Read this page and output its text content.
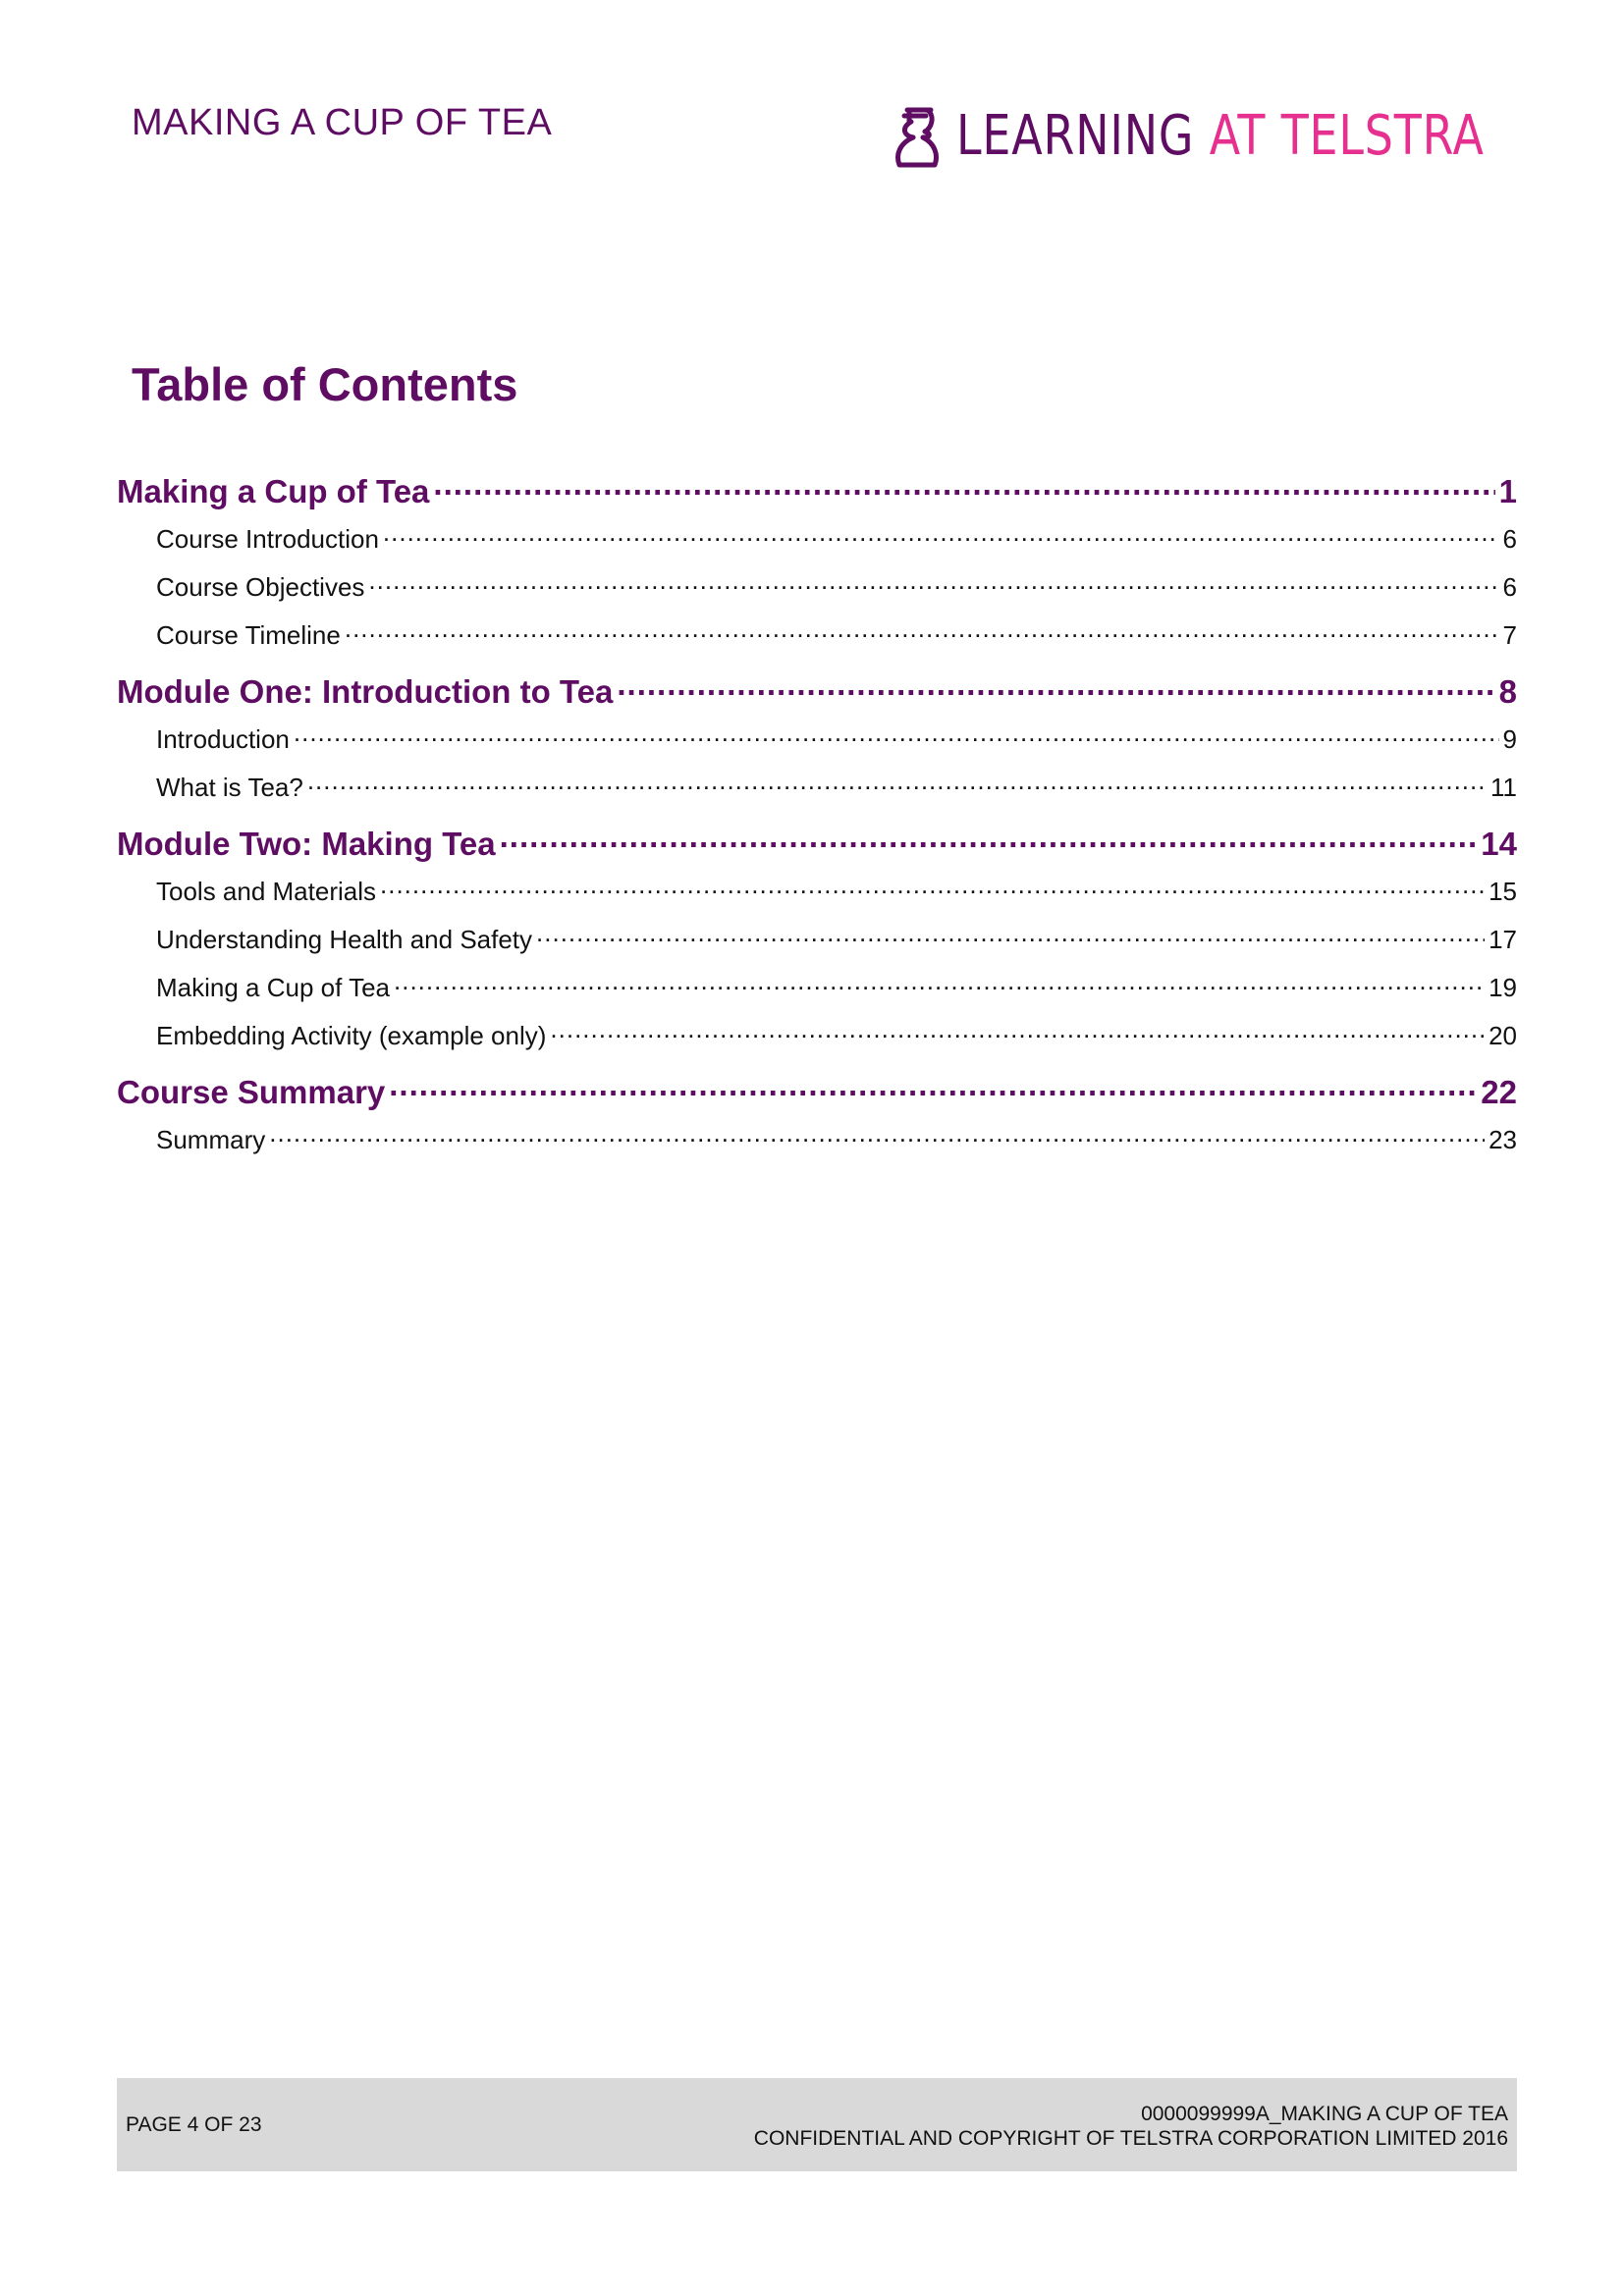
MAKING A CUP OF TEA	LEARNING AT TELSTRA
Table of Contents
Making a Cup of Tea .....	1
Course Introduction .....	6
Course Objectives .....	6
Course Timeline .....	7
Module One: Introduction to Tea .....	8
Introduction .....	9
What is Tea? .....	11
Module Two: Making Tea .....	14
Tools and Materials .....	15
Understanding Health and Safety .....	17
Making a Cup of Tea .....	19
Embedding Activity (example only) .....	20
Course Summary .....	22
Summary .....	23
PAGE 4 OF 23	0000099999A_MAKING A CUP OF TEA
CONFIDENTIAL AND COPYRIGHT OF TELSTRA CORPORATION LIMITED 2016
